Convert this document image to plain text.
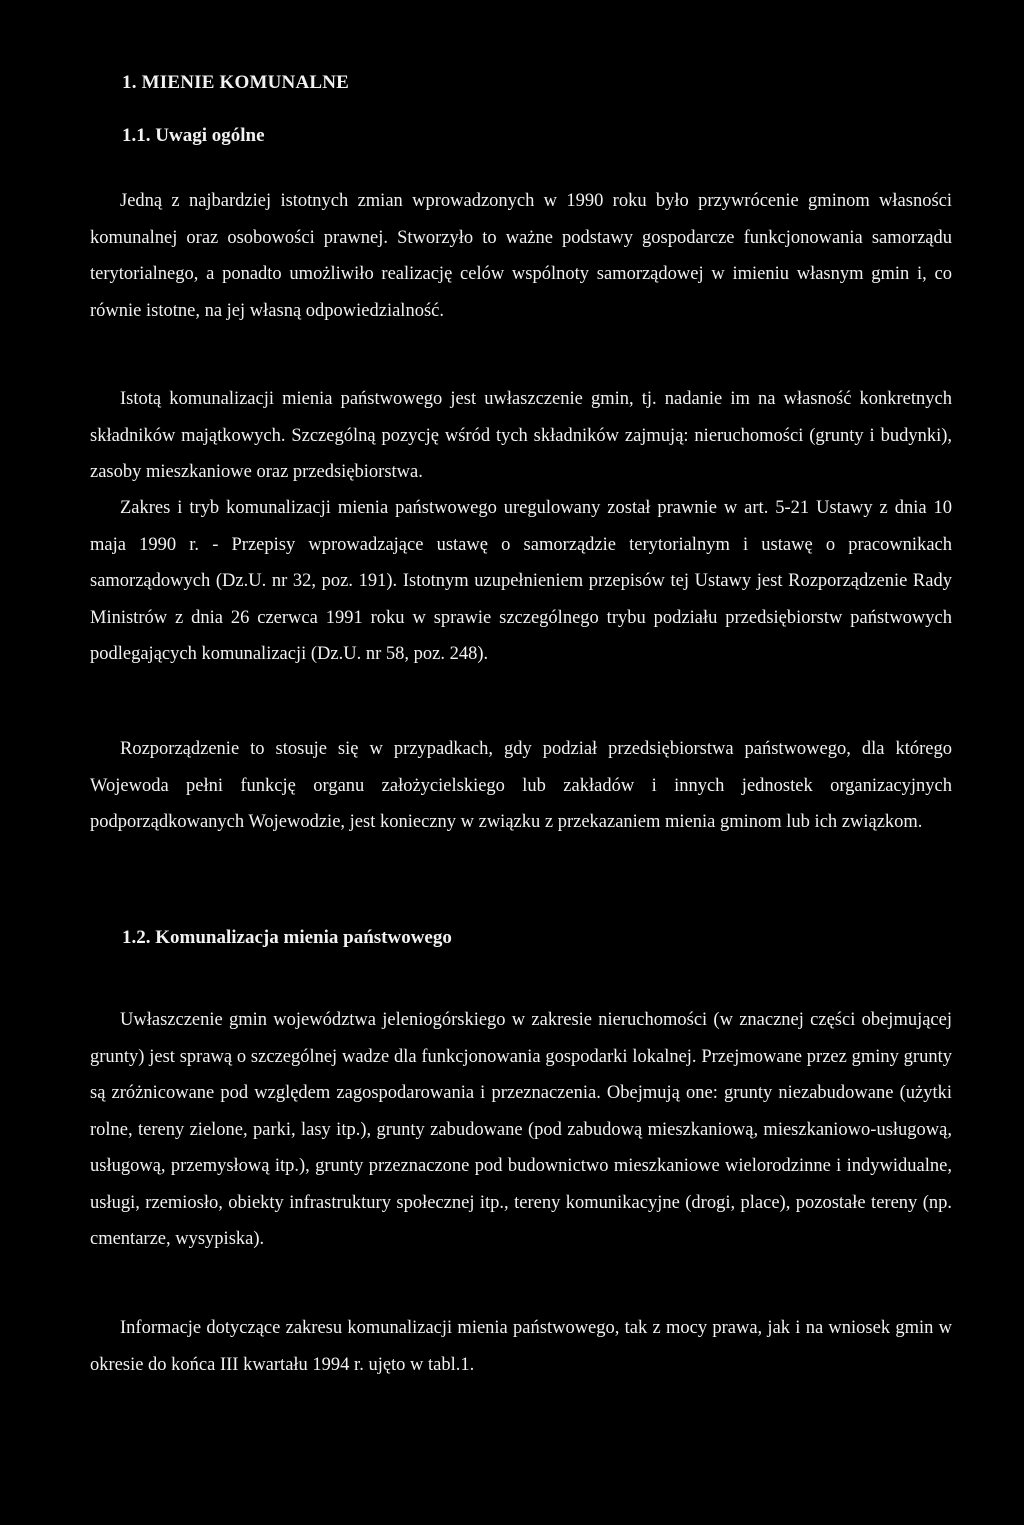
1. MIENIE KOMUNALNE
1.1. Uwagi ogólne

Jedną z najbardziej istotnych zmian wprowadzonych w 1990 roku było przywrócenie gminom własności komunalnej oraz osobowości prawnej. Stworzyło to ważne podstawy gospodarcze funkcjonowania samorządu terytorialnego, a ponadto umożliwiło realizację celów wspólnoty samorządowej w imieniu własnym gmin i, co równie istotne, na jej własną odpowiedzialność.

Istotą komunalizacji mienia państwowego jest uwłaszczenie gmin, tj. nadanie im na własność konkretnych składników majątkowych. Szczególną pozycję wśród tych składników zajmują: nieruchomości (grunty i budynki), zasoby mieszkaniowe oraz przedsiębiorstwa.

Zakres i tryb komunalizacji mienia państwowego uregulowany został prawnie w art. 5-21 Ustawy z dnia 10 maja 1990 r. - Przepisy wprowadzające ustawę o samorządzie terytorialnym i ustawę o pracownikach samorządowych (Dz.U. nr 32, poz. 191). Istotnym uzupełnieniem przepisów tej Ustawy jest Rozporządzenie Rady Ministrów z dnia 26 czerwca 1991 roku w sprawie szczególnego trybu podziału przedsiębiorstw państwowych podlegających komunalizacji (Dz.U. nr 58, poz. 248).

Rozporządzenie to stosuje się w przypadkach, gdy podział przedsiębiorstwa państwowego, dla którego Wojewoda pełni funkcję organu założycielskiego lub zakładów i innych jednostek organizacyjnych podporządkowanych Wojewodzie, jest konieczny w związku z przekazaniem mienia gminom lub ich związkom.

1.2. Komunalizacja mienia państwowego

Uwłaszczenie gmin województwa jeleniogórskiego w zakresie nieruchomości (w znacznej części obejmującej grunty) jest sprawą o szczególnej wadze dla funkcjonowania gospodarki lokalnej. Przejmowane przez gminy grunty są zróżnicowane pod względem zagospodarowania i przeznaczenia. Obejmują one: grunty niezabudowane (użytki rolne, tereny zielone, parki, lasy itp.), grunty zabudowane (pod zabudową mieszkaniową, mieszkaniowo-usługową, usługową, przemysłową itp.), grunty przeznaczone pod budownictwo mieszkaniowe wielorodzinne i indywidualne, usługi, rzemiosło, obiekty infrastruktury społecznej itp., tereny komunikacyjne (drogi, place), pozostałe tereny (np. cmentarze, wysypiska).

Informacje dotyczące zakresu komunalizacji mienia państwowego, tak z mocy prawa, jak i na wniosek gmin w okresie do końca III kwartału 1994 r. ujęto w tabl.1.
